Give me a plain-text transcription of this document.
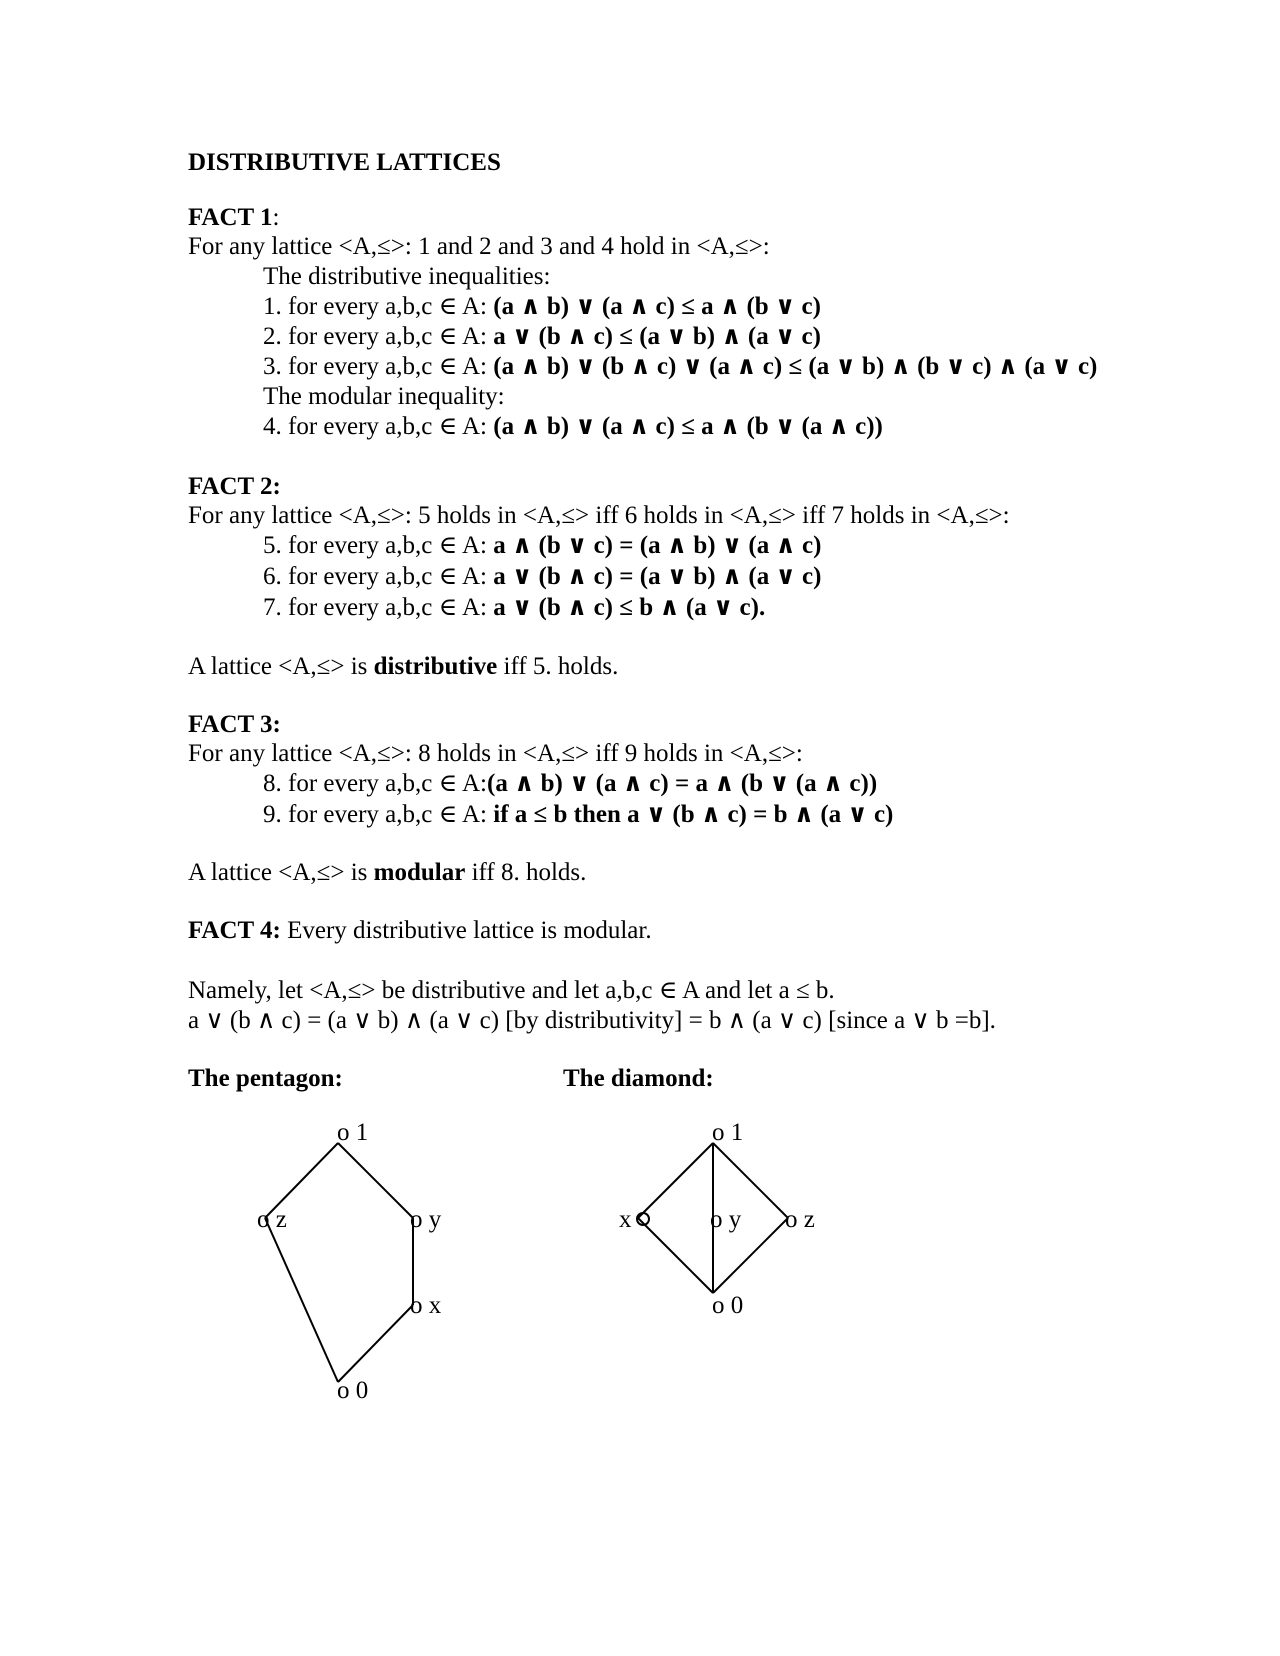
DISTRIBUTIVE LATTICES
FACT 1:
For any lattice <A,≤>: 1 and 2 and 3 and 4 hold in <A,≤>:
The distributive inequalities:
1. for every a,b,c ∈ A: (a ∧ b) ∨ (a ∧ c) ≤ a ∧ (b ∨ c)
2. for every a,b,c ∈ A: a ∨ (b ∧ c) ≤ (a ∨ b) ∧ (a ∨ c)
3. for every a,b,c ∈ A: (a ∧ b) ∨ (b ∧ c) ∨ (a ∧ c) ≤ (a ∨ b) ∧ (b ∨ c) ∧ (a ∨ c)
The modular inequality:
4. for every a,b,c ∈ A: (a ∧ b) ∨ (a ∧ c) ≤ a ∧ (b ∨ (a ∧ c))
FACT 2:
For any lattice <A,≤>: 5 holds in <A,≤> iff 6 holds in <A,≤> iff 7 holds in <A,≤>:
5. for every a,b,c ∈ A: a ∧ (b ∨ c) = (a ∧ b) ∨ (a ∧ c)
6. for every a,b,c ∈ A: a ∨ (b ∧ c) = (a ∨ b) ∧ (a ∨ c)
7. for every a,b,c ∈ A: a ∨ (b ∧ c) ≤ b ∧ (a ∨ c).
A lattice <A,≤> is distributive iff 5. holds.
FACT 3:
For any lattice <A,≤>: 8 holds in <A,≤> iff 9 holds in <A,≤>:
8. for every a,b,c ∈ A:(a ∧ b) ∨ (a ∧ c) = a ∧ (b ∨ (a ∧ c))
9. for every a,b,c ∈ A: if a ≤ b then a ∨ (b ∧ c) = b ∧ (a ∨ c)
A lattice <A,≤> is modular iff 8. holds.
FACT 4: Every distributive lattice is modular.
Namely, let <A,≤> be distributive and let a,b,c ∈ A and let a ≤ b.
a ∨ (b ∧ c) = (a ∨ b) ∧ (a ∨ c) [by distributivity] = b ∧ (a ∨ c) [since a ∨ b =b].
The pentagon:	The diamond:
o 1
o z	o y
o x
o 0
o 1
x	o y o z
o 0
